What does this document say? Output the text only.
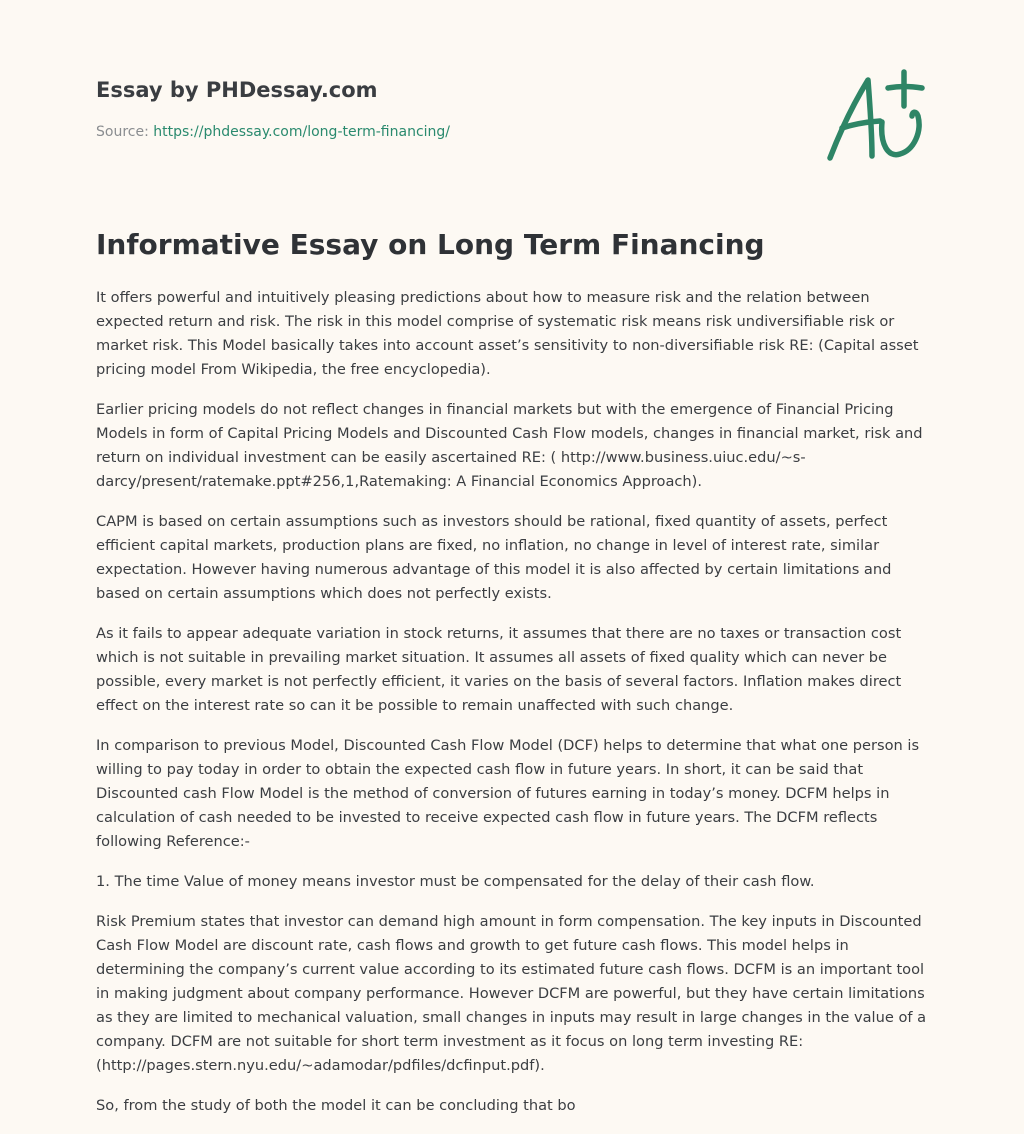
Essay by PHDessay.com
Source: https://phdessay.com/long-term-financing/
Informative Essay on Long Term Financing

It offers powerful and intuitively pleasing predictions about how to measure risk and the relation between expected return and risk. The risk in this model comprise of systematic risk means risk undiversifiable risk or market risk. This Model basically takes into account asset’s sensitivity to non-diversifiable risk RE: (Capital asset pricing model From Wikipedia, the free encyclopedia).

Earlier pricing models do not reflect changes in financial markets but with the emergence of Financial Pricing Models in form of Capital Pricing Models and Discounted Cash Flow models, changes in financial market, risk and return on individual investment can be easily ascertained RE: ( http://www.business.uiuc.edu/~s-darcy/present/ratemake.ppt#256,1,Ratemaking: A Financial Economics Approach).

CAPM is based on certain assumptions such as investors should be rational, fixed quantity of assets, perfect efficient capital markets, production plans are fixed, no inflation, no change in level of interest rate, similar expectation. However having numerous advantage of this model it is also affected by certain limitations and based on certain assumptions which does not perfectly exists.

As it fails to appear adequate variation in stock returns, it assumes that there are no taxes or transaction cost which is not suitable in prevailing market situation. It assumes all assets of fixed quality which can never be possible, every market is not perfectly efficient, it varies on the basis of several factors. Inflation makes direct effect on the interest rate so can it be possible to remain unaffected with such change.

In comparison to previous Model, Discounted Cash Flow Model (DCF) helps to determine that what one person is willing to pay today in order to obtain the expected cash flow in future years. In short, it can be said that Discounted cash Flow Model is the method of conversion of futures earning in today’s money. DCFM helps in calculation of cash needed to be invested to receive expected cash flow in future years. The DCFM reflects following Reference:-

1. The time Value of money means investor must be compensated for the delay of their cash flow.

Risk Premium states that investor can demand high amount in form compensation. The key inputs in Discounted Cash Flow Model are discount rate, cash flows and growth to get future cash flows. This model helps in determining the company’s current value according to its estimated future cash flows. DCFM is an important tool in making judgment about company performance. However DCFM are powerful, but they have certain limitations as they are limited to mechanical valuation, small changes in inputs may result in large changes in the value of a company. DCFM are not suitable for short term investment as it focus on long term investing RE: (http://pages.stern.nyu.edu/~adamodar/pdfiles/dcfinput.pdf).

So, from the study of both the model it can be concluding that bo
